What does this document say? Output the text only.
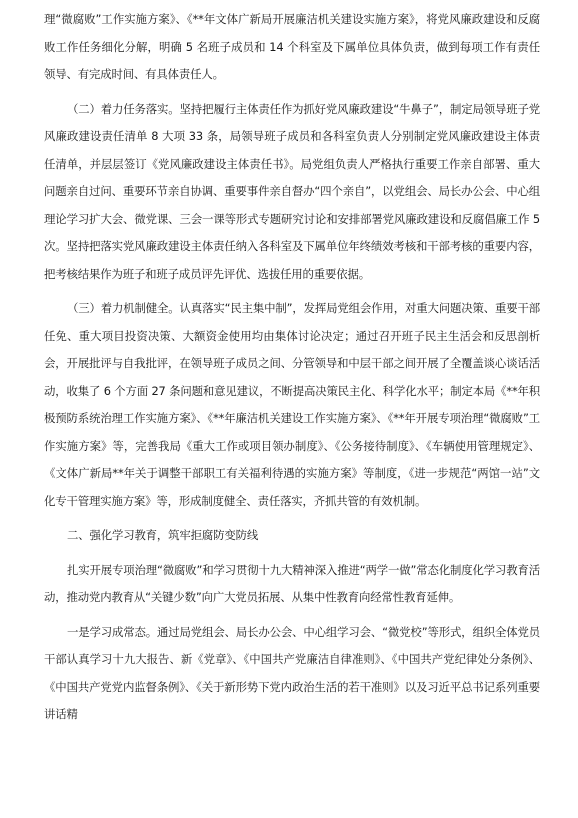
理“微腐败”工作实施方案》、《**年文体广新局开展廉洁机关建设实施方案》，将党风廉政建设和反腐败工作任务细化分解，明确 5 名班子成员和 14 个科室及下属单位具体负责，做到每项工作有责任领导、有完成时间、有具体责任人。

（二）着力任务落实。坚持把履行主体责任作为抓好党风廉政建设“牛鼻子”，制定局领导班子党风廉政建设责任清单 8 大项 33 条，局领导班子成员和各科室负责人分别制定党风廉政建设主体责任清单，并层层签订《党风廉政建设主体责任书》。局党组负责人严格执行重要工作亲自部署、重大问题亲自过问、重要环节亲自协调、重要事件亲自督办“四个亲自”，以党组会、局长办公会、中心组理论学习扩大会、微党课、三会一课等形式专题研究讨论和安排部署党风廉政建设和反腐倡廉工作 5 次。坚持把落实党风廉政建设主体责任纳入各科室及下属单位年终绩效考核和干部考核的重要内容，把考核结果作为班子和班子成员评先评优、选拔任用的重要依据。

（三）着力机制健全。认真落实“民主集中制”，发挥局党组会作用，对重大问题决策、重要干部任免、重大项目投资决策、大额资金使用均由集体讨论决定；通过召开班子民主生活会和反思剖析会，开展批评与自我批评，在领导班子成员之间、分管领导和中层干部之间开展了全覆盖谈心谈话活动，收集了 6 个方面 27 条问题和意见建议，不断提高决策民主化、科学化水平；制定本局《**年积极预防系统治理工作实施方案》、《**年廉洁机关建设工作实施方案》、《**年开展专项治理“微腐败”工作实施方案》等，完善我局《重大工作或项目领办制度》、《公务接待制度》、《车辆使用管理规定》、《文体广新局**年关于调整干部职工有关福利待遇的实施方案》等制度，《进一步规范“两馆一站”文化专干管理实施方案》等，形成制度健全、责任落实，齐抓共管的有效机制。

二、强化学习教育，筑牢拒腐防变防线

扎实开展专项治理“微腐败”和学习贯彻十九大精神深入推进“两学一做”常态化制度化学习教育活动，推动党内教育从“关键少数”向广大党员拓展、从集中性教育向经常性教育延伸。

一是学习成常态。通过局党组会、局长办公会、中心组学习会、“微党校”等形式，组织全体党员干部认真学习十九大报告、新《党章》、《中国共产党廉洁自律准则》、《中国共产党纪律处分条例》、《中国共产党党内监督条例》、《关于新形势下党内政治生活的若干准则》以及习近平总书记系列重要讲话精
